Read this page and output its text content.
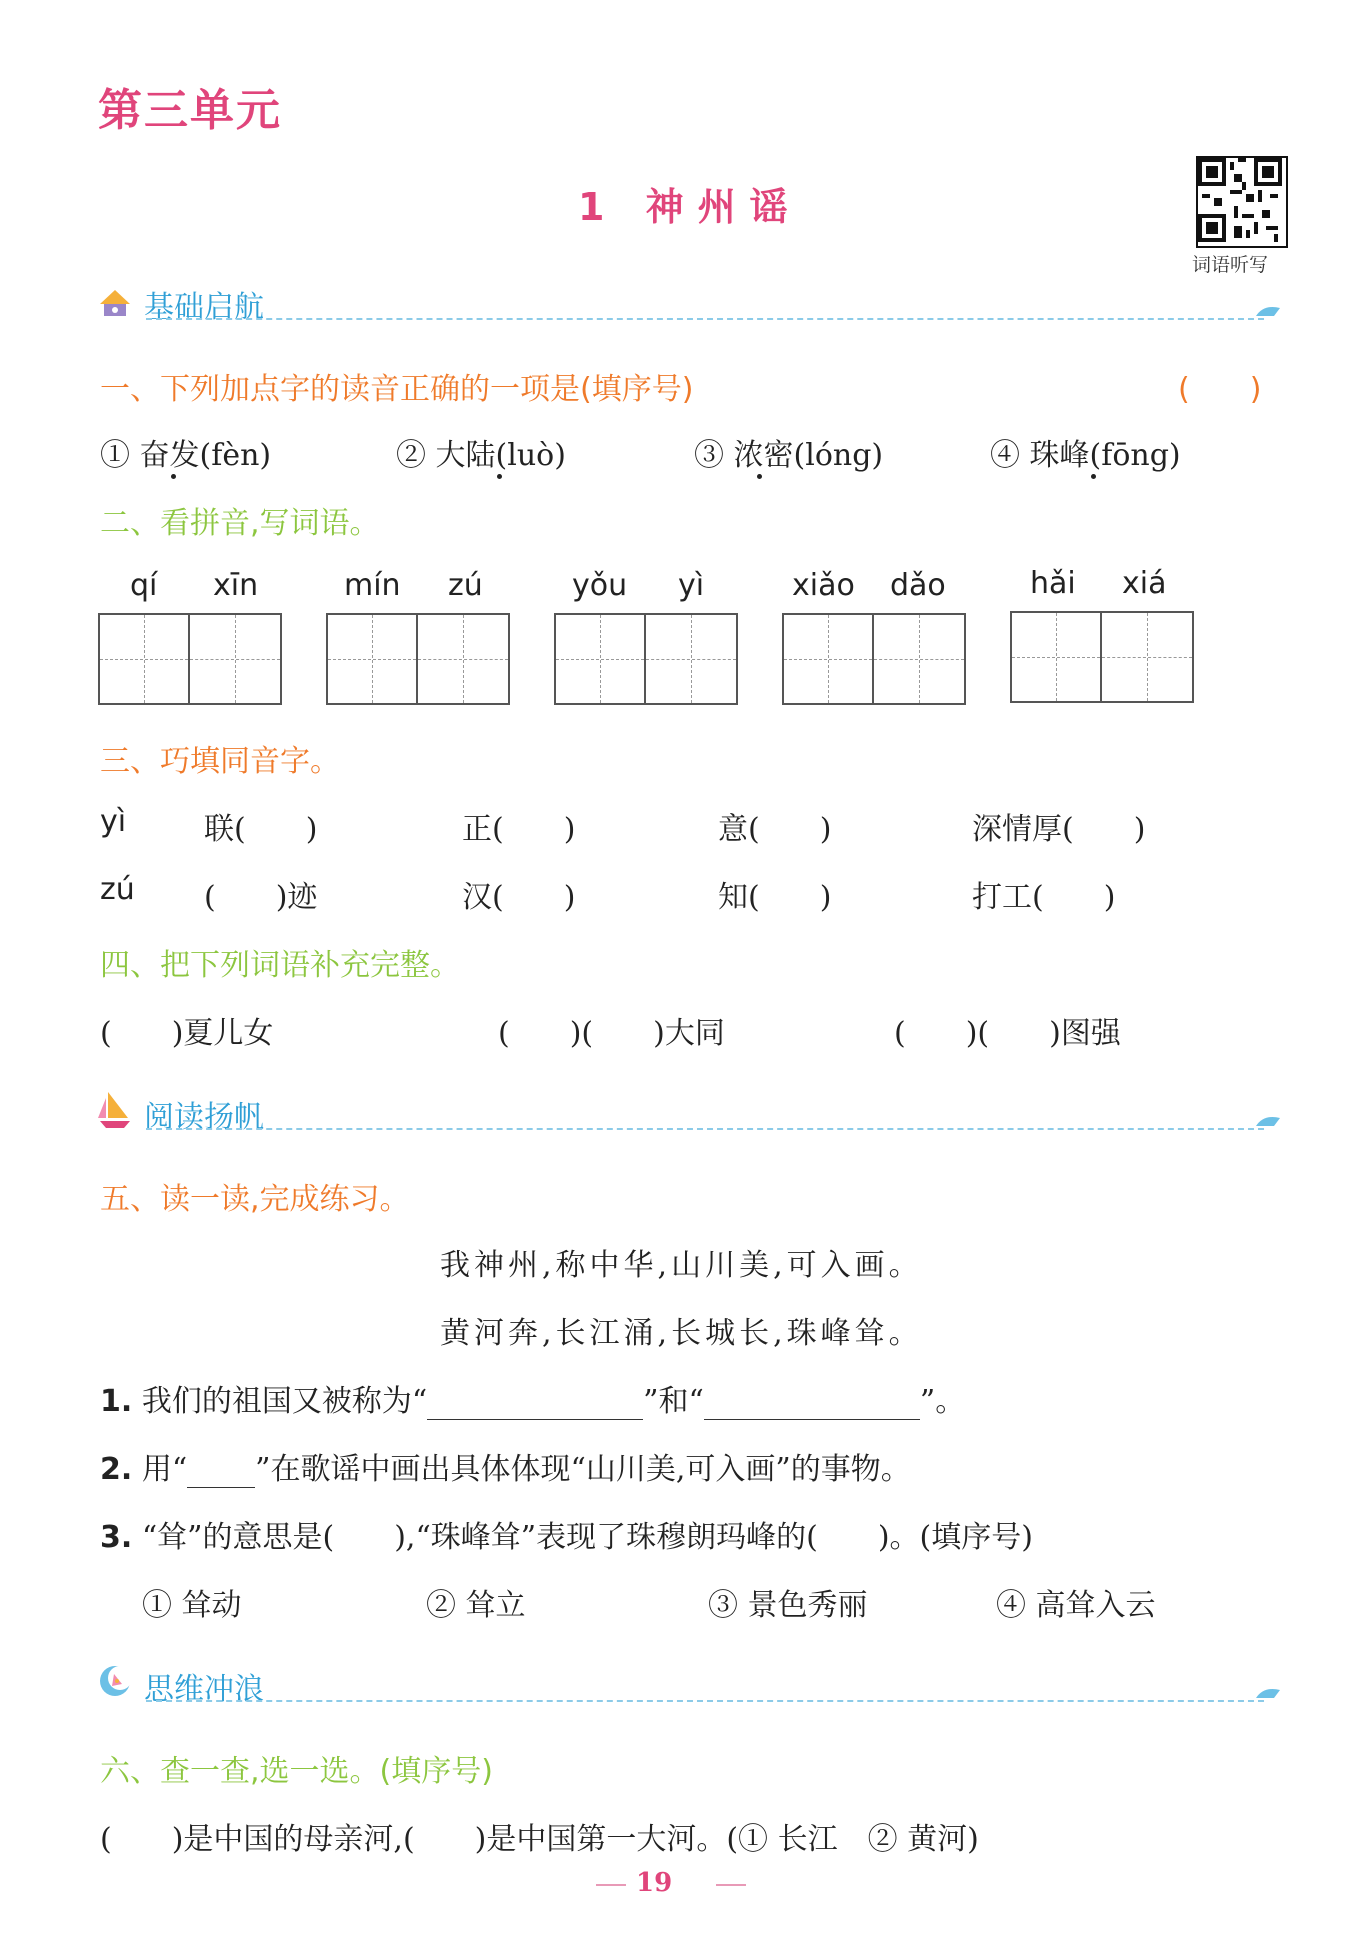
第三单元
1 神州谣
词语听写
基础启航
一、下列加点字的读音正确的一项是(填序号)	(　　)
① 奋发(fèn)	② 大陆(luò)	③ 浓密(lóng)	④ 珠峰(fōng)
二、看拼音,写词语。
qí xīn	mín zú	yǒu yì	xiǎo dǎo	hǎi xiá
三、巧填同音字。
yì	联(　　)	正(　　)	意(　　)	深情厚(　　)
zú (　　)迹	汉(　　)	知(　　)	打工(　　)
四、把下列词语补充完整。
(　　)夏儿女	(　　)(　　)大同	(　　)(　　)图强
阅读扬帆
五、读一读,完成练习。
我神州,称中华,山川美,可入画。
黄河奔,长江涌,长城长,珠峰耸。
1. 我们的祖国又被称为“	”和“	”。
2. 用“ ”在歌谣中画出具体体现“山川美,可入画”的事物。
3. “耸”的意思是(　　),“珠峰耸”表现了珠穆朗玛峰的(　　)。(填序号)
① 耸动	② 耸立	③ 景色秀丽	④ 高耸入云
思维冲浪
六、查一查,选一选。(填序号)
(　　)是中国的母亲河,(　　)是中国第一大河。(① 长江　② 黄河)
19
